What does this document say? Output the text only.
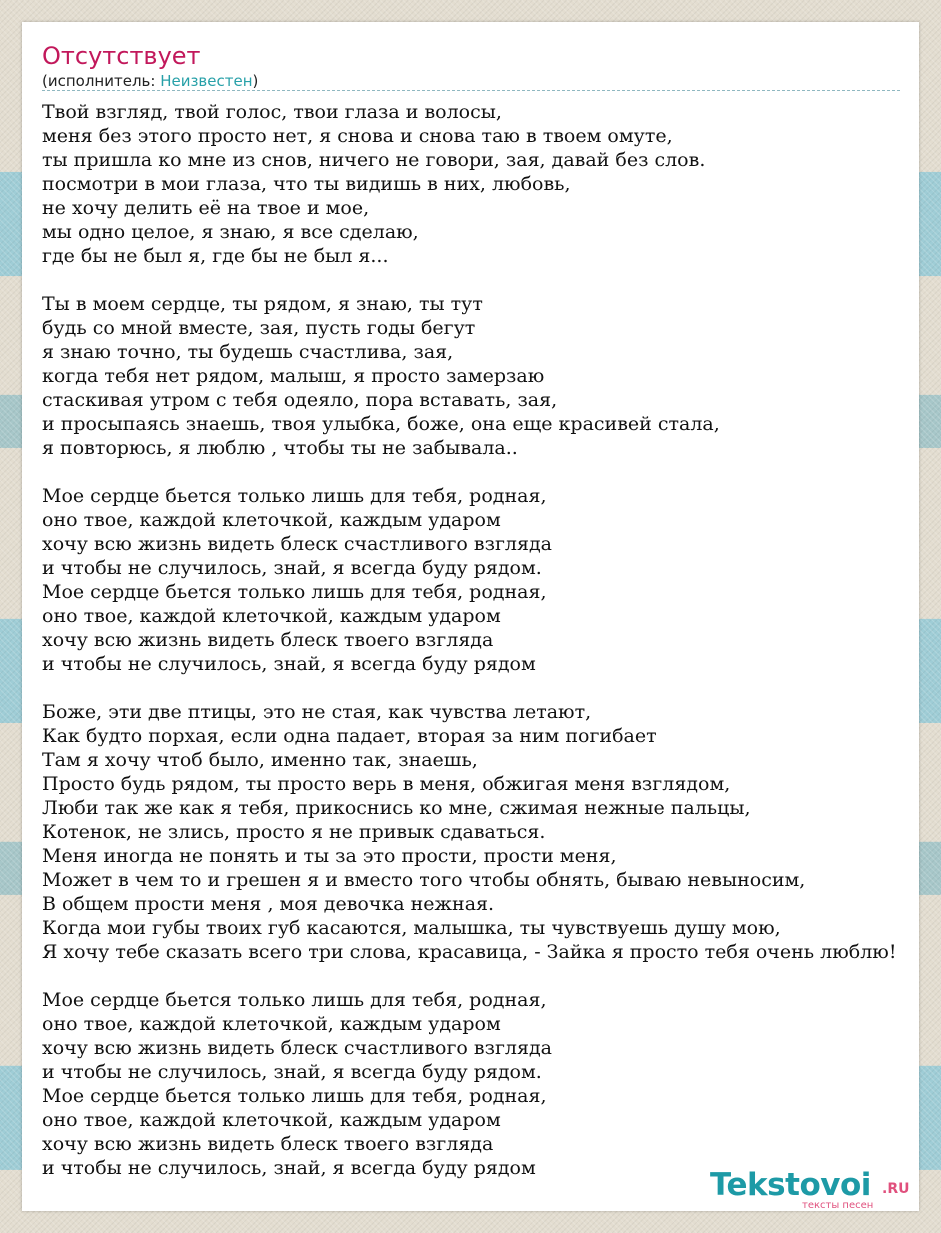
Отсутствует
(исполнитель: Неизвестен)
Твой взгляд, твой голос, твои глаза и волосы,
меня без этого просто нет, я снова и снова таю в твоем омуте,
ты пришла ко мне из снов, ничего не говори, зая, давай без слов.
посмотри в мои глаза, что ты видишь в них, любовь,
не хочу делить её на твое и мое,
мы одно целое, я знаю, я все сделаю,
где бы не был я, где бы не был я...
Ты в моем сердце, ты рядом, я знаю, ты тут
будь со мной вместе, зая, пусть годы бегут
я знаю точно, ты будешь счастлива, зая,
когда тебя нет рядом, малыш, я просто замерзаю
стаскивая утром с тебя одеяло, пора вставать, зая,
и просыпаясь знаешь, твоя улыбка, боже, она еще красивей стала,
я повторюсь, я люблю , чтобы ты не забывала..
Мое сердце бьется только лишь для тебя, родная,
оно твое, каждой клеточкой, каждым ударом
хочу всю жизнь видеть блеск счастливого взгляда
и чтобы не случилось, знай, я всегда буду рядом.
Мое сердце бьется только лишь для тебя, родная,
оно твое, каждой клеточкой, каждым ударом
хочу всю жизнь видеть блеск твоего взгляда
и чтобы не случилось, знай, я всегда буду рядом
Боже, эти две птицы, это не стая, как чувства летают,
Как будто порхая, если одна падает, вторая за ним погибает
Там я хочу чтоб было, именно так, знаешь,
Просто будь рядом, ты просто верь в меня, обжигая меня взглядом,
Люби так же как я тебя, прикоснись ко мне, сжимая нежные пальцы,
Котенок, не злись, просто я не привык сдаваться.
Меня иногда не понять и ты за это прости, прости меня,
Может в чем то и грешен я и вместо того чтобы обнять, бываю невыносим,
В общем прости меня , моя девочка нежная.
Когда мои губы твоих губ касаются, малышка, ты чувствуешь душу мою,
Я хочу тебе сказать всего три слова, красавица, - Зайка я просто тебя очень люблю!
Мое сердце бьется только лишь для тебя, родная,
оно твое, каждой клеточкой, каждым ударом
хочу всю жизнь видеть блеск счастливого взгляда
и чтобы не случилось, знай, я всегда буду рядом.
Мое сердце бьется только лишь для тебя, родная,
оно твое, каждой клеточкой, каждым ударом
хочу всю жизнь видеть блеск твоего взгляда
и чтобы не случилось, знай, я всегда буду рядом	Tekstovoi .RU
тексты песен
